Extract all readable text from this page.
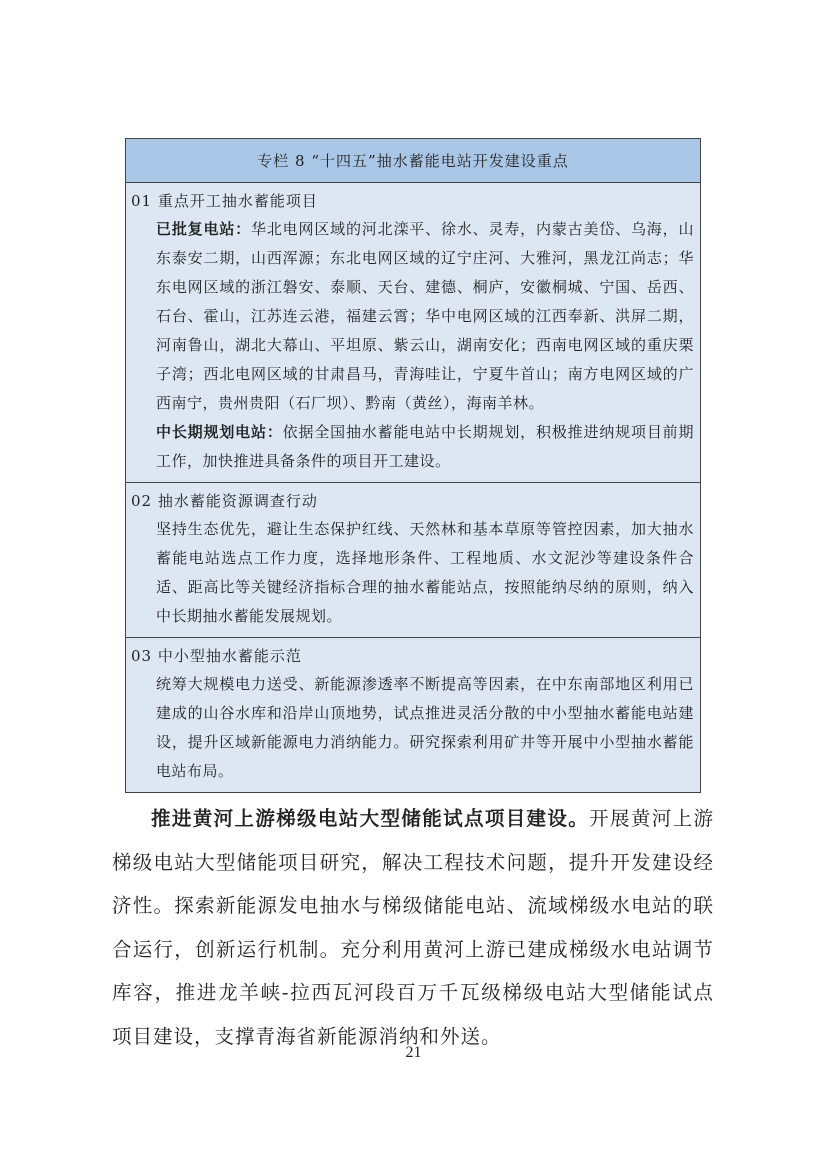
专栏 8 “十四五”抽水蓄能电站开发建设重点
01 重点开工抽水蓄能项目
已批复电站：华北电网区域的河北滦平、徐水、灵寿，内蒙古美岱、乌海，山东泰安二期，山西浑源；东北电网区域的辽宁庄河、大雅河，黑龙江尚志；华东电网区域的浙江磐安、泰顺、天台、建德、桐庐，安徽桐城、宁国、岳西、石台、霍山，江苏连云港，福建云霄；华中电网区域的江西奉新、洪屏二期，河南鲁山，湖北大幕山、平坦原、紫云山，湖南安化；西南电网区域的重庆栗子湾；西北电网区域的甘肃昌马，青海哇让，宁夏牛首山；南方电网区域的广西南宁，贵州贵阳（石厂坝）、黔南（黄丝），海南羊林。
中长期规划电站：依据全国抽水蓄能电站中长期规划，积极推进纳规项目前期工作，加快推进具备条件的项目开工建设。
02 抽水蓄能资源调查行动
坚持生态优先，避让生态保护红线、天然林和基本草原等管控因素，加大抽水蓄能电站选点工作力度，选择地形条件、工程地质、水文泥沙等建设条件合适、距高比等关键经济指标合理的抽水蓄能站点，按照能纳尽纳的原则，纳入中长期抽水蓄能发展规划。
03 中小型抽水蓄能示范
统筹大规模电力送受、新能源渗透率不断提高等因素，在中东南部地区利用已建成的山谷水库和沿岸山顶地势，试点推进灵活分散的中小型抽水蓄能电站建设，提升区域新能源电力消纳能力。研究探索利用矿井等开展中小型抽水蓄能电站布局。
推进黄河上游梯级电站大型储能试点项目建设。开展黄河上游梯级电站大型储能项目研究，解决工程技术问题，提升开发建设经济性。探索新能源发电抽水与梯级储能电站、流域梯级水电站的联合运行，创新运行机制。充分利用黄河上游已建成梯级水电站调节库容，推进龙羊峡-拉西瓦河段百万千瓦级梯级电站大型储能试点项目建设，支撑青海省新能源消纳和外送。
21
